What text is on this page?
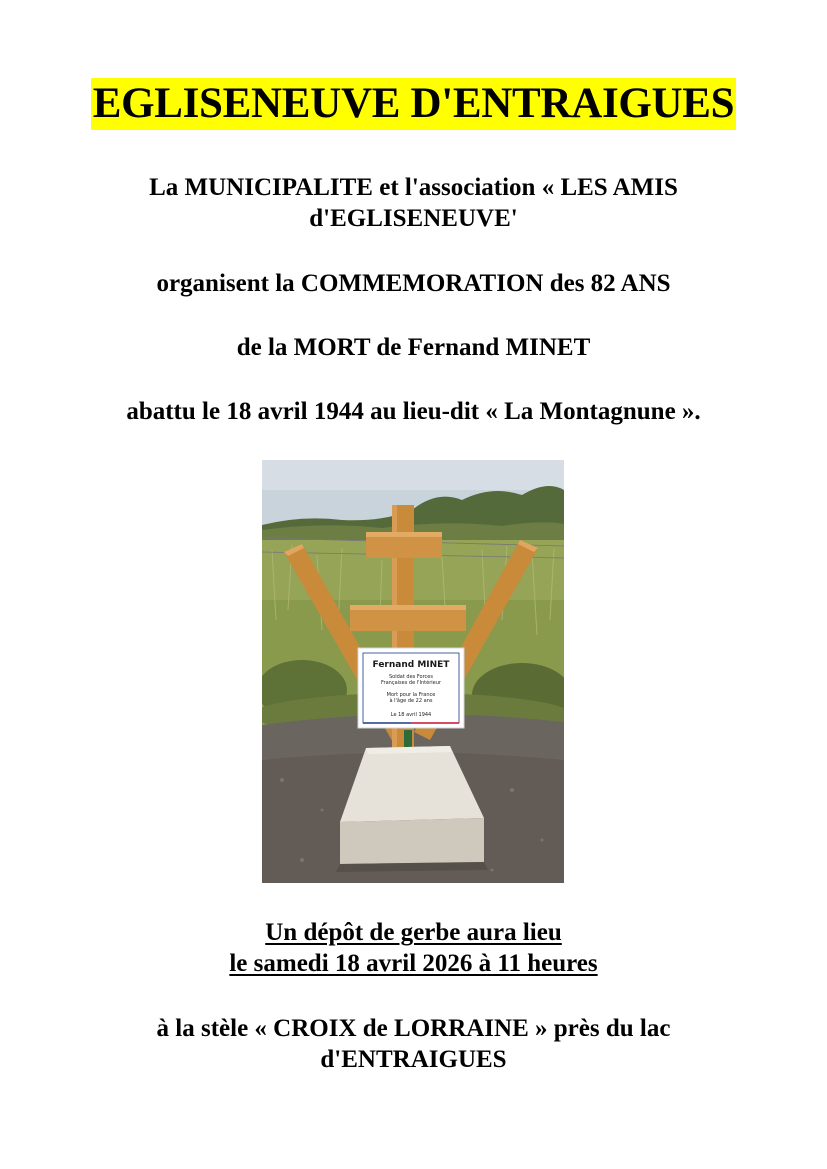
EGLISENEUVE D'ENTRAIGUES
La MUNICIPALITE et l'association « LES AMIS
d'EGLISENEUVE'
organisent la COMMEMORATION des 82 ANS
de la MORT de Fernand MINET
abattu le 18 avril 1944 au lieu-dit « La Montagnune ».
Fernand MINET
Soldat des Forces
Françaises de l'Intérieur
Mort pour la France
à l'âge de 22 ans
Le 18 avril 1944
Un dépôt de gerbe aura lieu
le samedi 18 avril 2026 à 11 heures
à la stèle « CROIX de LORRAINE » près du lac
d'ENTRAIGUES
